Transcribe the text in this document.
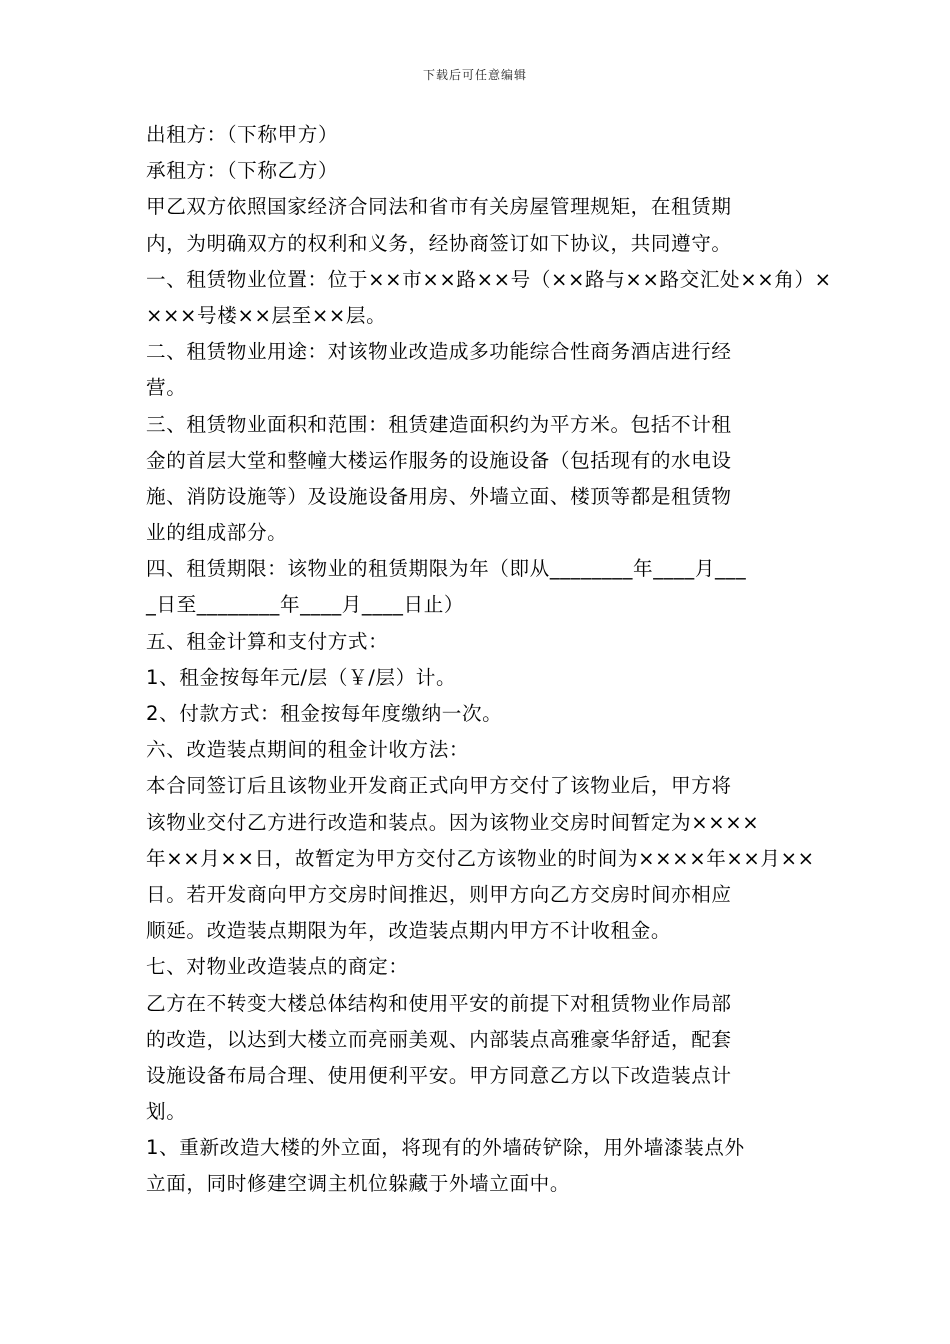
下载后可任意编辑
出租方：（下称甲方）
承租方：（下称乙方）
甲乙双方依照国家经济合同法和省市有关房屋管理规矩，在租赁期
内，为明确双方的权利和义务，经协商签订如下协议，共同遵守。
一、租赁物业位置：位于××市××路××号（××路与××路交汇处××角）×
×××号楼××层至××层。
二、租赁物业用途：对该物业改造成多功能综合性商务酒店进行经
营。
三、租赁物业面积和范围：租赁建造面积约为平方米。包括不计租
金的首层大堂和整幢大楼运作服务的设施设备（包括现有的水电设
施、消防设施等）及设施设备用房、外墙立面、楼顶等都是租赁物
业的组成部分。
四、租赁期限：该物业的租赁期限为年（即从________年____月___
_日至________年____月____日止）
五、租金计算和支付方式：
1、租金按每年元/层（￥/层）计。
2、付款方式：租金按每年度缴纳一次。
六、改造装点期间的租金计收方法：
本合同签订后且该物业开发商正式向甲方交付了该物业后，甲方将
该物业交付乙方进行改造和装点。因为该物业交房时间暂定为××××
年××月××日，故暂定为甲方交付乙方该物业的时间为××××年××月××
日。若开发商向甲方交房时间推迟，则甲方向乙方交房时间亦相应
顺延。改造装点期限为年，改造装点期内甲方不计收租金。
七、对物业改造装点的商定：
乙方在不转变大楼总体结构和使用平安的前提下对租赁物业作局部
的改造，以达到大楼立而亮丽美观、内部装点高雅豪华舒适，配套
设施设备布局合理、使用便利平安。甲方同意乙方以下改造装点计
划。
1、重新改造大楼的外立面，将现有的外墙砖铲除，用外墙漆装点外
立面，同时修建空调主机位躲藏于外墙立面中。
